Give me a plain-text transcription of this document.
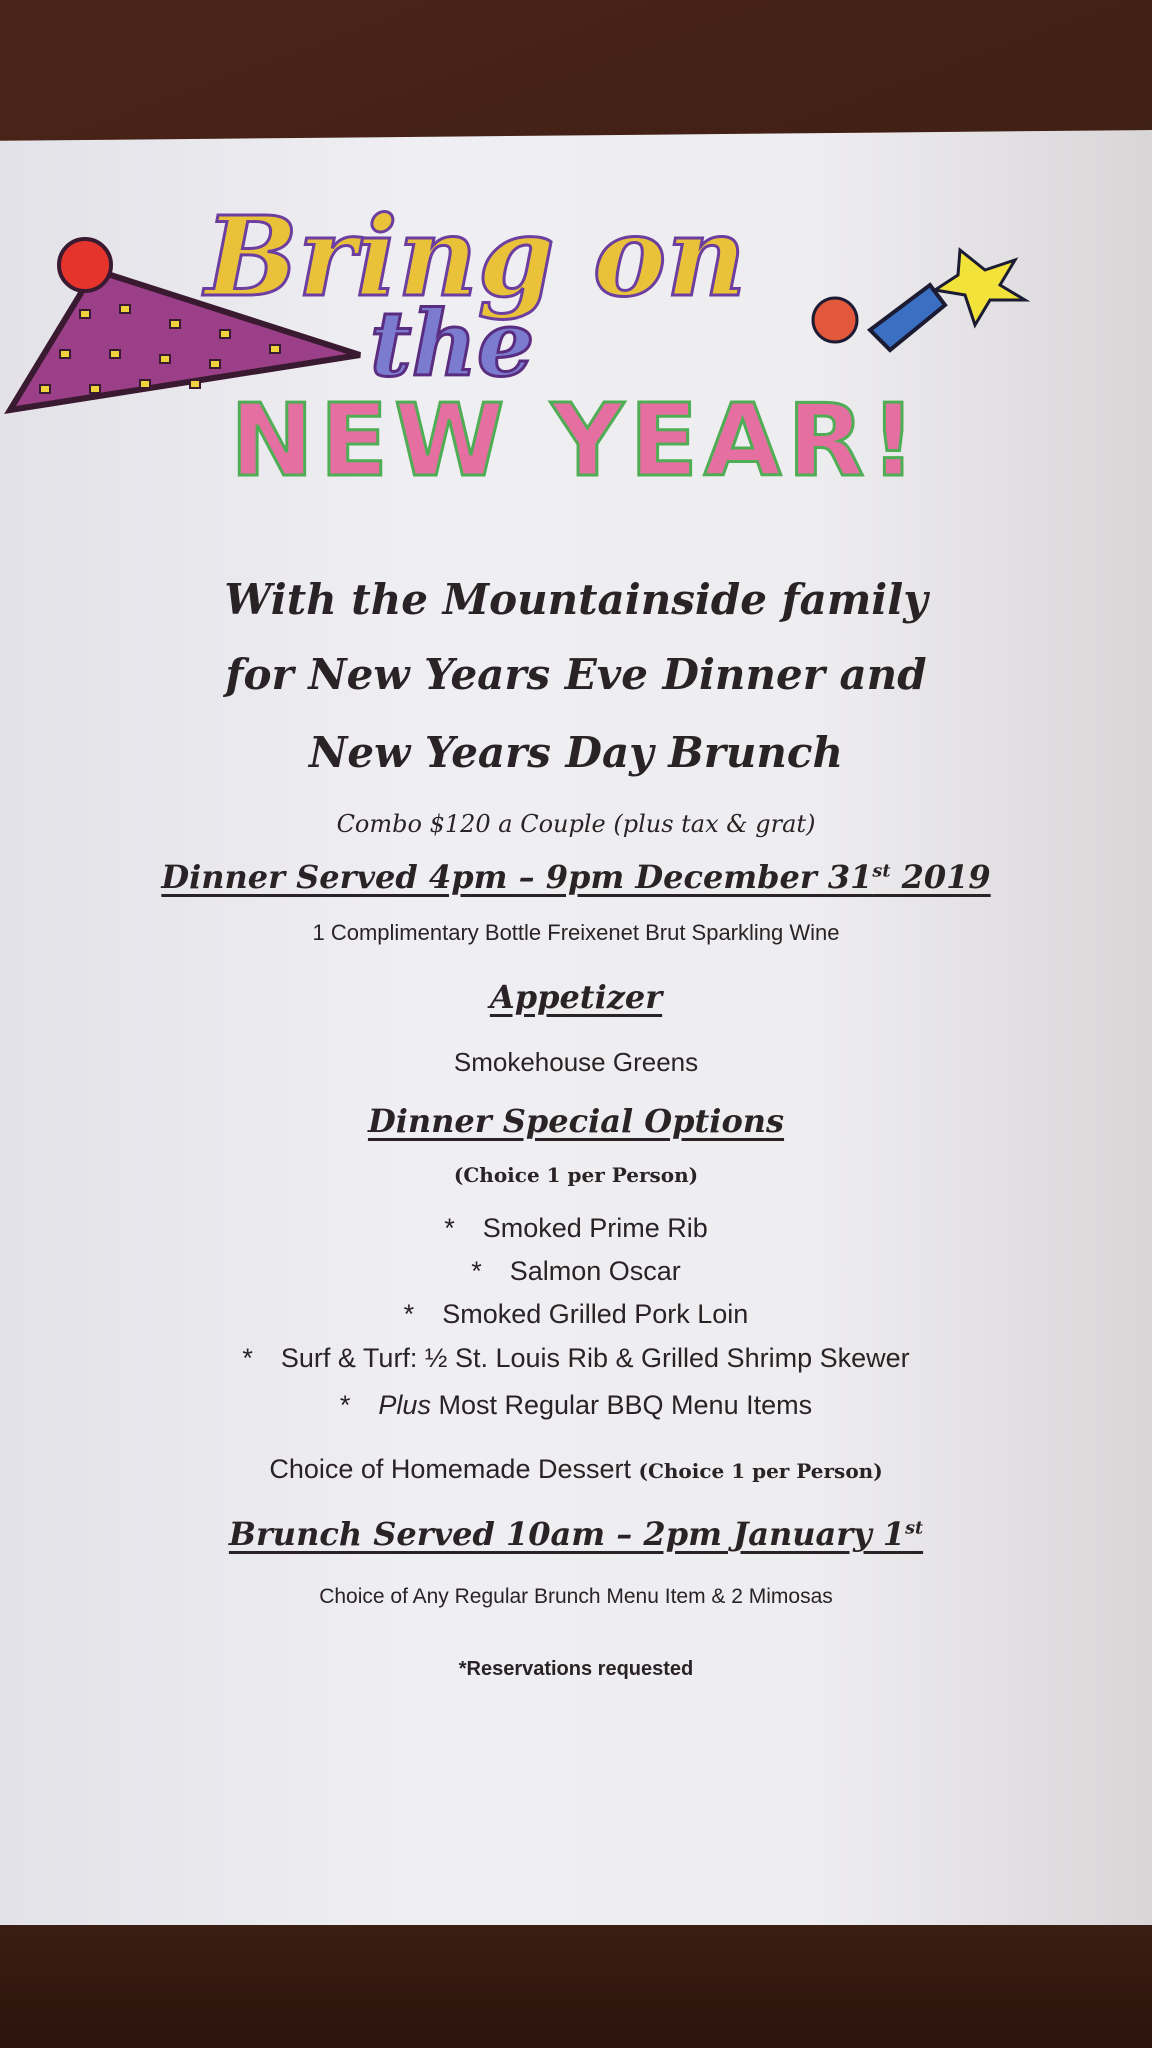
Bring on
the
NEW YEAR!
With the Mountainside family
for New Years Eve Dinner and
New Years Day Brunch
Combo $120 a Couple (plus tax & grat)
Dinner Served 4pm – 9pm December 31st 2019
1 Complimentary Bottle Freixenet Brut Sparkling Wine
Appetizer
Smokehouse Greens
Dinner Special Options
(Choice 1 per Person)
* Smoked Prime Rib
* Salmon Oscar
* Smoked Grilled Pork Loin
* Surf & Turf: ½ St. Louis Rib & Grilled Shrimp Skewer
* Plus Most Regular BBQ Menu Items
Choice of Homemade Dessert (Choice 1 per Person)
Brunch Served 10am – 2pm January 1st
Choice of Any Regular Brunch Menu Item & 2 Mimosas
*Reservations requested
